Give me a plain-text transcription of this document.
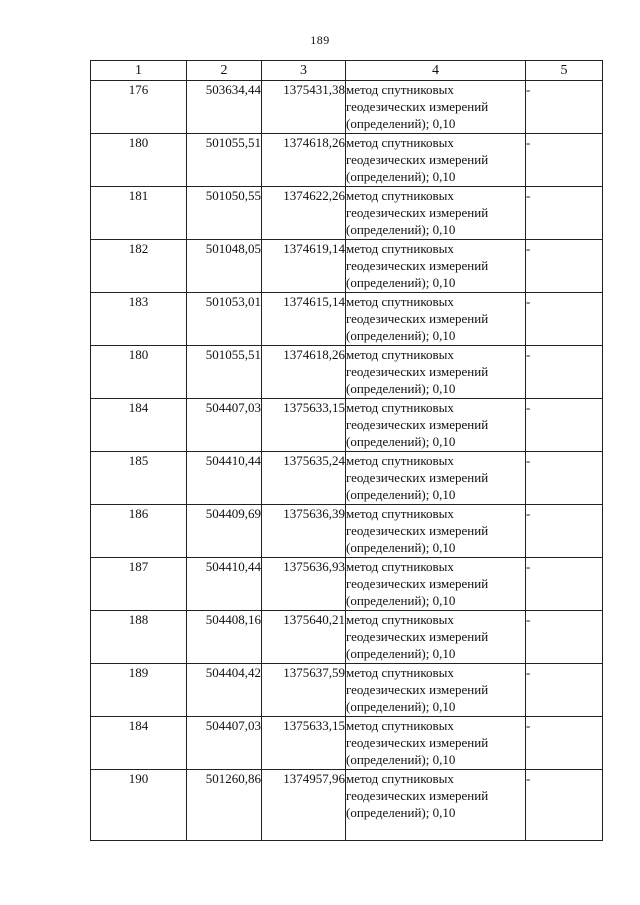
189
1	2	3	4	5
176	503634,44	1375431,38	метод спутниковых
геодезических измерений
(определений); 0,10	-
180	501055,51	1374618,26	метод спутниковых
геодезических измерений
(определений); 0,10	-
181	501050,55	1374622,26	метод спутниковых
геодезических измерений
(определений); 0,10	-
182	501048,05	1374619,14	метод спутниковых
геодезических измерений
(определений); 0,10	-
183	501053,01	1374615,14	метод спутниковых
геодезических измерений
(определений); 0,10	-
180	501055,51	1374618,26	метод спутниковых
геодезических измерений
(определений); 0,10	-
184	504407,03	1375633,15	метод спутниковых
геодезических измерений
(определений); 0,10	-
185	504410,44	1375635,24	метод спутниковых
геодезических измерений
(определений); 0,10	-
186	504409,69	1375636,39	метод спутниковых
геодезических измерений
(определений); 0,10	-
187	504410,44	1375636,93	метод спутниковых
геодезических измерений
(определений); 0,10	-
188	504408,16	1375640,21	метод спутниковых
геодезических измерений
(определений); 0,10	-
189	504404,42	1375637,59	метод спутниковых
геодезических измерений
(определений); 0,10	-
184	504407,03	1375633,15	метод спутниковых
геодезических измерений
(определений); 0,10	-
190	501260,86	1374957,96	метод спутниковых
геодезических измерений
(определений); 0,10	-
